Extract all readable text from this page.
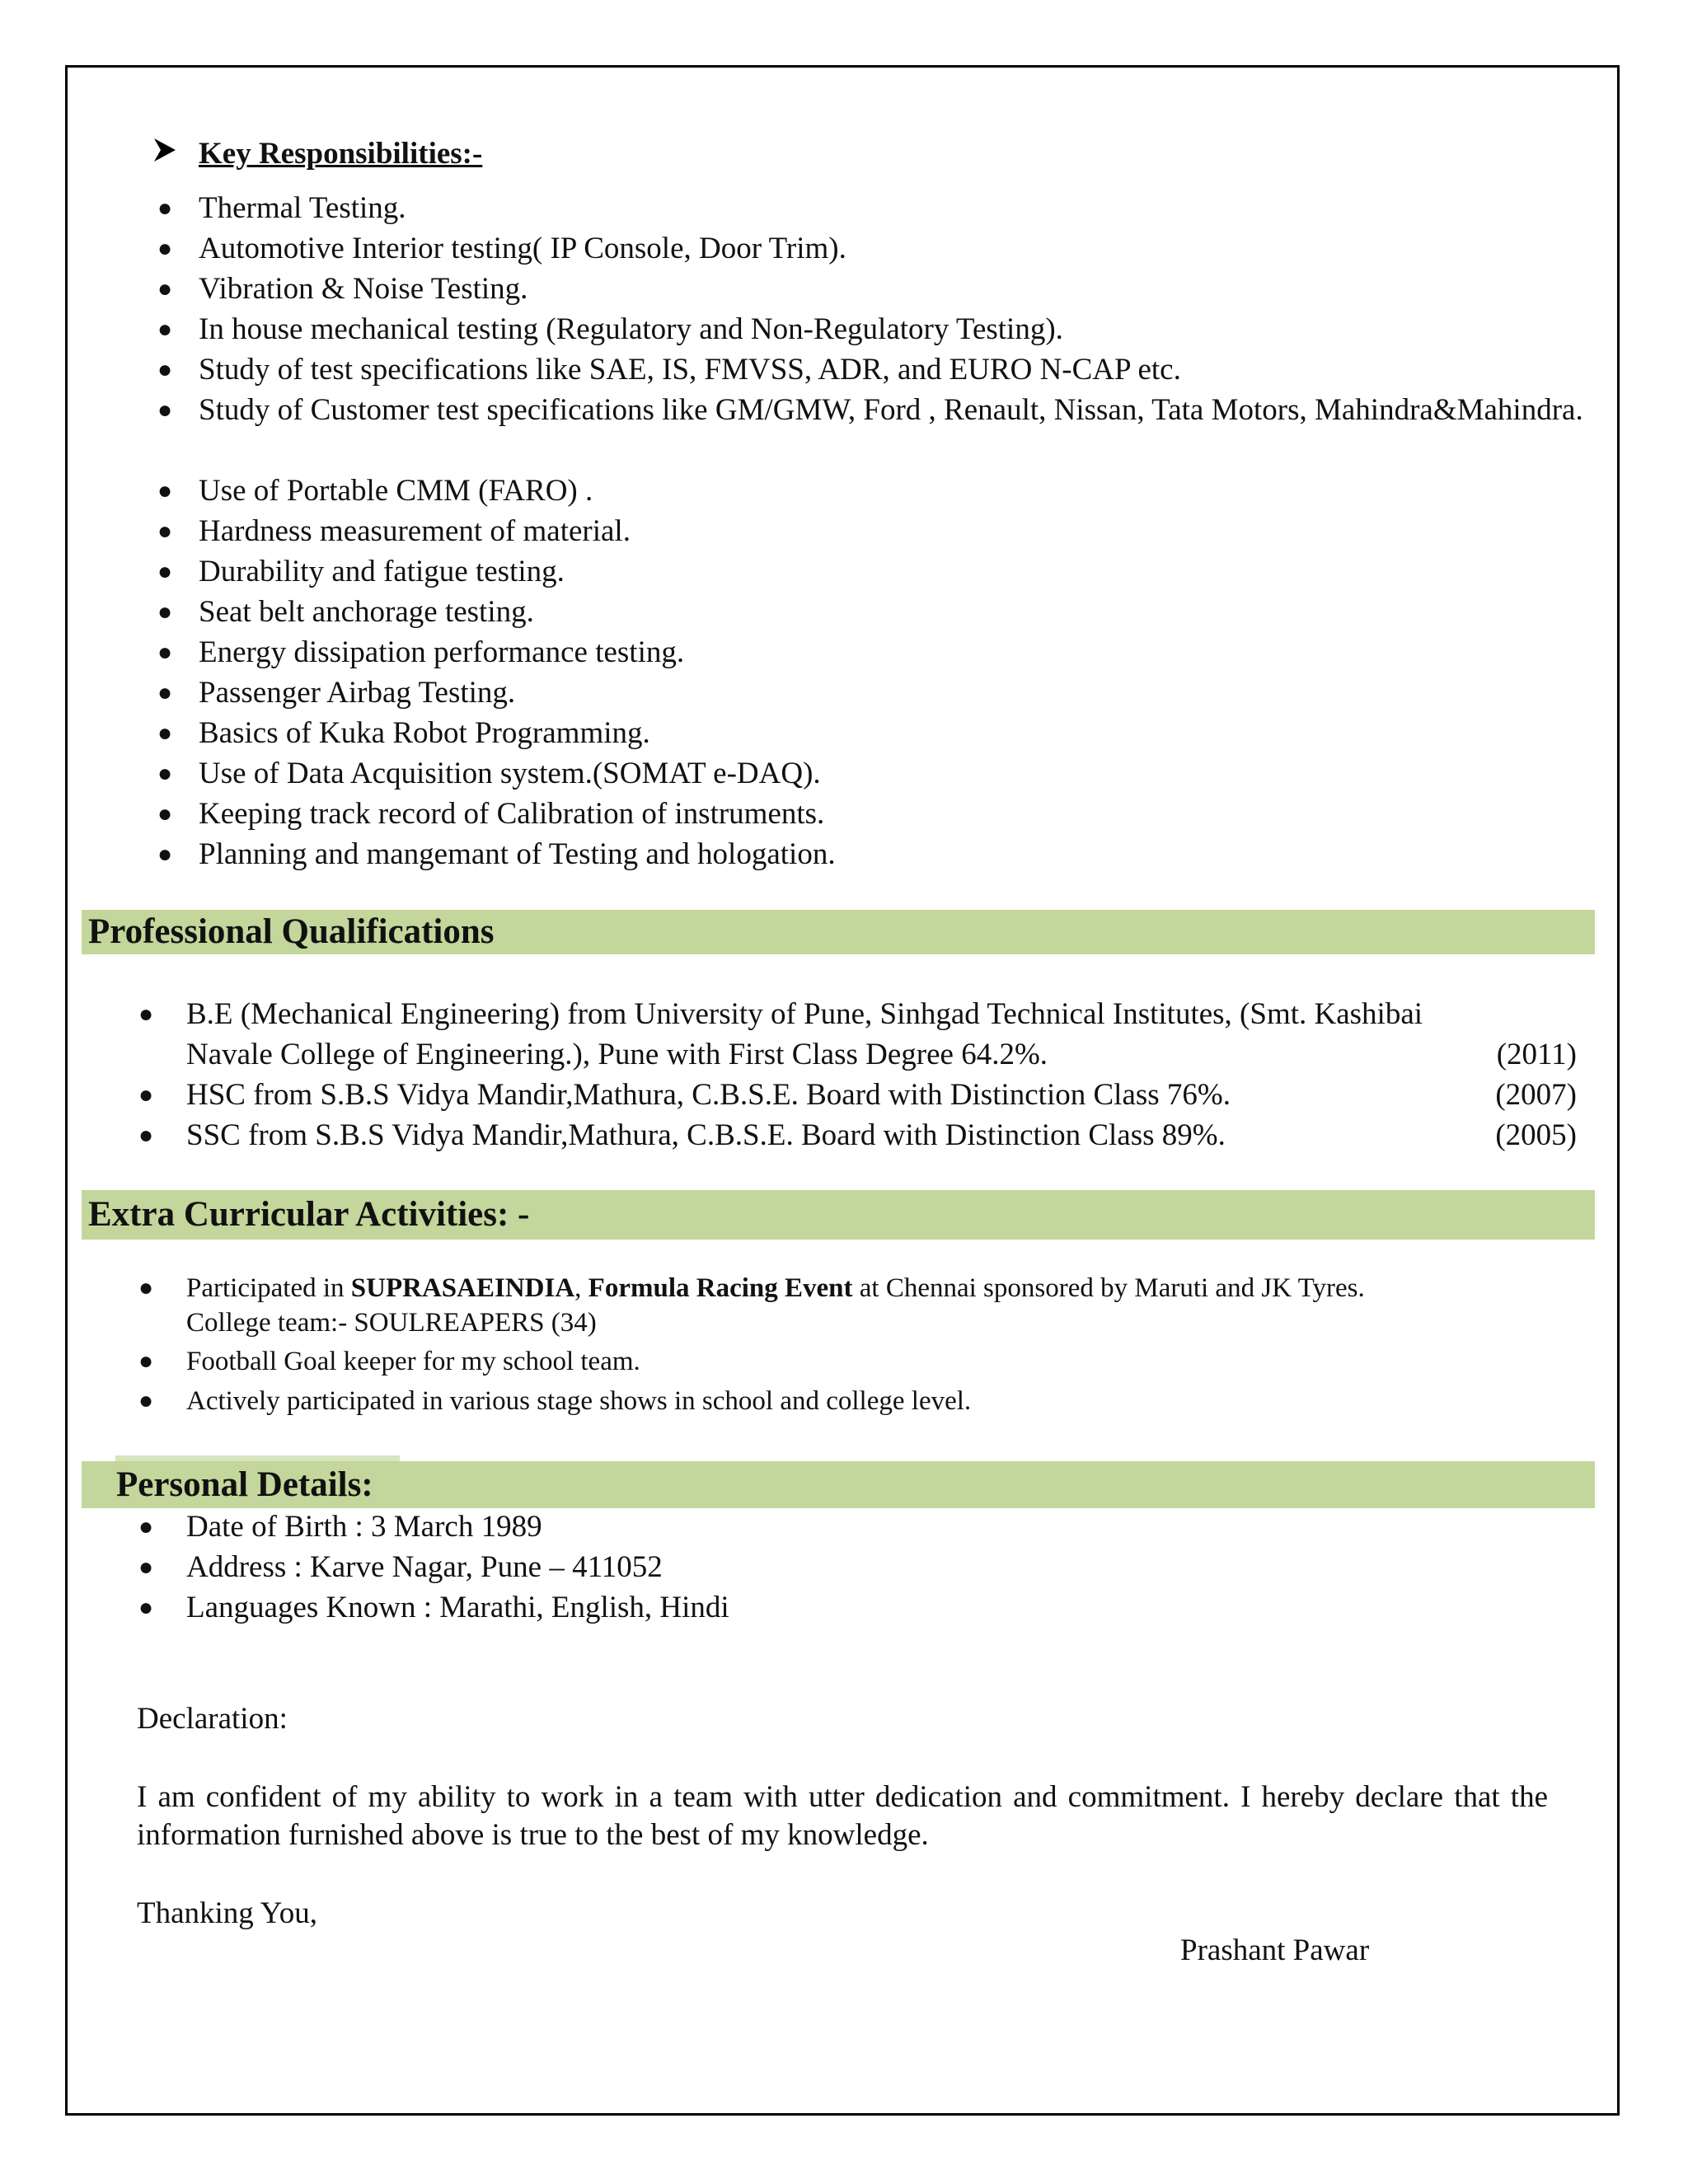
Key Responsibilities:-
● Thermal Testing.
● Automotive Interior testing( IP Console, Door Trim).
● Vibration & Noise Testing.
● In house mechanical testing (Regulatory and Non-Regulatory Testing).
● Study of test specifications like SAE, IS, FMVSS, ADR, and EURO N-CAP etc.
● Study of Customer test specifications like GM/GMW, Ford , Renault, Nissan, Tata Motors, Mahindra&Mahindra.
● Use of Portable CMM (FARO) .
● Hardness measurement of material.
● Durability and fatigue testing.
● Seat belt anchorage testing.
● Energy dissipation performance testing.
● Passenger Airbag Testing.
● Basics of Kuka Robot Programming.
● Use of Data Acquisition system.(SOMAT e-DAQ).
● Keeping track record of Calibration of instruments.
● Planning and mangemant of Testing and hologation.
Professional Qualifications
● B.E (Mechanical Engineering) from University of Pune, Sinhgad Technical Institutes, (Smt. Kashibai
Navale College of Engineering.), Pune with First Class Degree 64.2%.	(2011)
● HSC from S.B.S Vidya Mandir,Mathura, C.B.S.E. Board with Distinction Class 76%.	(2007)
● SSC from S.B.S Vidya Mandir,Mathura, C.B.S.E. Board with Distinction Class 89%.	(2005)
Extra Curricular Activities: -
● Participated in SUPRASAEINDIA, Formula Racing Event at Chennai sponsored by Maruti and JK Tyres.
College team:- SOULREAPERS (34)
● Football Goal keeper for my school team.
● Actively participated in various stage shows in school and college level.
Personal Details:
● Date of Birth : 3 March 1989
● Address : Karve Nagar, Pune – 411052
● Languages Known : Marathi, English, Hindi
Declaration:
I am confident of my ability to work in a team with utter dedication and commitment. I hereby declare that the information furnished above is true to the best of my knowledge.
Thanking You,
Prashant Pawar
